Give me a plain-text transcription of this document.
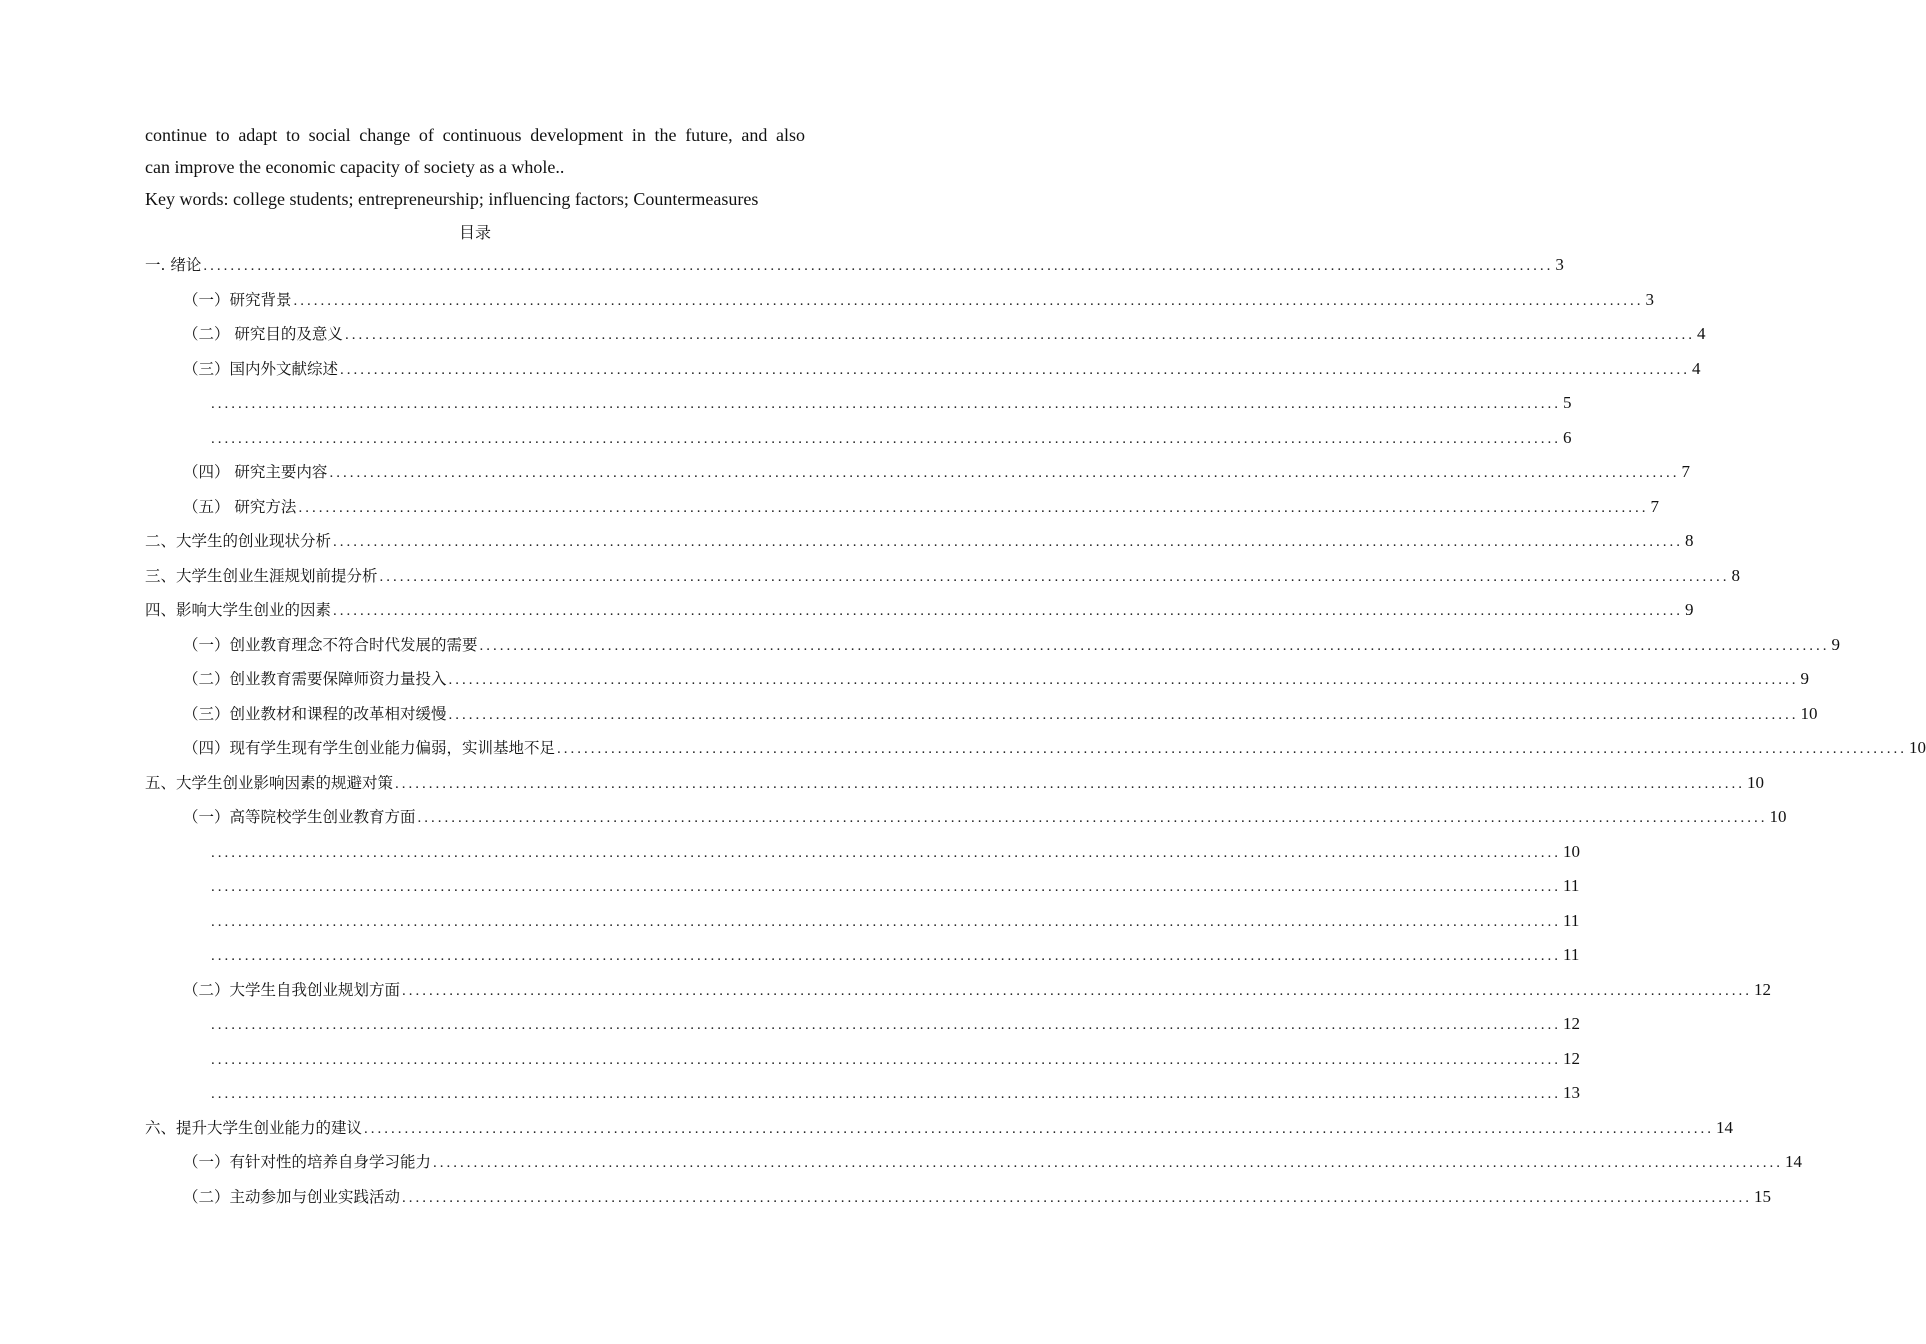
continue to adapt to social change of continuous development in the future, and also
can improve the economic capacity of society as a whole..
Key words: college students; entrepreneurship; influencing factors; Countermeasures
目录
一. 绪论 ........................................................................................................................................................................................................ 3
（一）研究背景 ........................................................................................................................................................................................................ 3
（二） 研究目的及意义 ........................................................................................................................................................................................................ 4
（三）国内外文献综述 ........................................................................................................................................................................................................ 4
........................................................................................................................................................................................................ 5
........................................................................................................................................................................................................ 6
（四） 研究主要内容 ........................................................................................................................................................................................................ 7
（五） 研究方法 ........................................................................................................................................................................................................ 7
二、大学生的创业现状分析 ........................................................................................................................................................................................................ 8
三、大学生创业生涯规划前提分析 ........................................................................................................................................................................................................ 8
四、影响大学生创业的因素 ........................................................................................................................................................................................................ 9
（一）创业教育理念不符合时代发展的需要 ........................................................................................................................................................................................................ 9
（二）创业教育需要保障师资力量投入 ........................................................................................................................................................................................................ 9
（三）创业教材和课程的改革相对缓慢 ........................................................................................................................................................................................................ 10
（四）现有学生现有学生创业能力偏弱，实训基地不足 ........................................................................................................................................................................................................ 10
五、大学生创业影响因素的规避对策 ........................................................................................................................................................................................................ 10
（一）高等院校学生创业教育方面 ........................................................................................................................................................................................................ 10
........................................................................................................................................................................................................ 10
........................................................................................................................................................................................................ 11
........................................................................................................................................................................................................ 11
........................................................................................................................................................................................................ 11
（二）大学生自我创业规划方面 ........................................................................................................................................................................................................ 12
........................................................................................................................................................................................................ 12
........................................................................................................................................................................................................ 12
........................................................................................................................................................................................................ 13
六、提升大学生创业能力的建议 ........................................................................................................................................................................................................ 14
（一）有针对性的培养自身学习能力 ........................................................................................................................................................................................................ 14
（二）主动参加与创业实践活动 ........................................................................................................................................................................................................ 15
